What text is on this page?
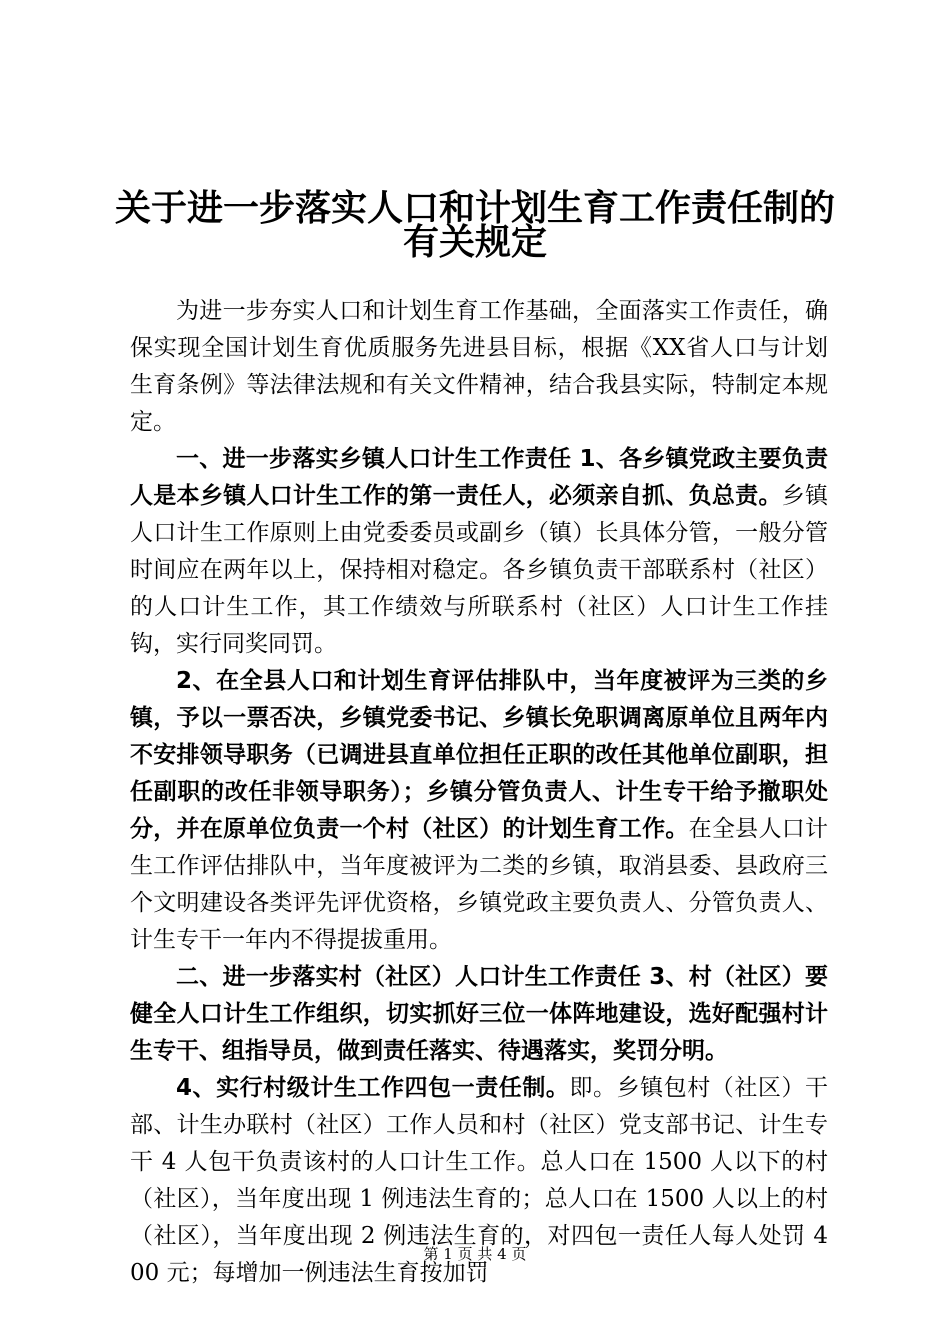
关于进一步落实人口和计划生育工作责任制的
有关规定

为进一步夯实人口和计划生育工作基础，全面落实工作责任，确保实现全国计划生育优质服务先进县目标，根据《XX省人口与计划生育条例》等法律法规和有关文件精神，结合我县实际，特制定本规定。

一、进一步落实乡镇人口计生工作责任 1、各乡镇党政主要负责人是本乡镇人口计生工作的第一责任人，必须亲自抓、负总责。乡镇人口计生工作原则上由党委委员或副乡（镇）长具体分管，一般分管时间应在两年以上，保持相对稳定。各乡镇负责干部联系村（社区）的人口计生工作，其工作绩效与所联系村（社区）人口计生工作挂钩，实行同奖同罚。

2、在全县人口和计划生育评估排队中，当年度被评为三类的乡镇，予以一票否决，乡镇党委书记、乡镇长免职调离原单位且两年内不安排领导职务（已调进县直单位担任正职的改任其他单位副职，担任副职的改任非领导职务）；乡镇分管负责人、计生专干给予撤职处分，并在原单位负责一个村（社区）的计划生育工作。在全县人口计生工作评估排队中，当年度被评为二类的乡镇，取消县委、县政府三个文明建设各类评先评优资格，乡镇党政主要负责人、分管负责人、计生专干一年内不得提拔重用。

二、进一步落实村（社区）人口计生工作责任 3、村（社区）要健全人口计生工作组织，切实抓好三位一体阵地建设，选好配强村计生专干、组指导员，做到责任落实、待遇落实，奖罚分明。

4、实行村级计生工作四包一责任制。即。乡镇包村（社区）干部、计生办联村（社区）工作人员和村（社区）党支部书记、计生专干 4 人包干负责该村的人口计生工作。总人口在 1500 人以下的村（社区），当年度出现 1 例违法生育的；总人口在 1500 人以上的村（社区），当年度出现 2 例违法生育的，对四包一责任人每人处罚 400 元；每增加一例违法生育按加罚

第 1 页 共 4 页
